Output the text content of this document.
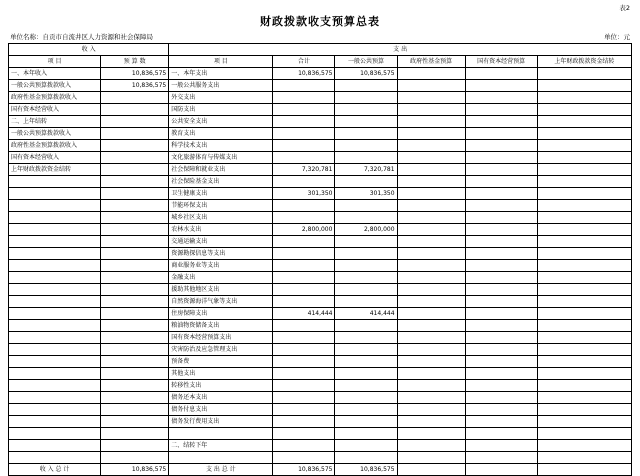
表2
财政拨款收支预算总表
单位名称：自贡市自流井区人力资源和社会保障局	单位：元
收 入		支 出					
项 目	预 算 数	项 目	合计	一般公共预算	政府性基金预算	国有资本经营预算	上年财政拨款资金结转
一、本年收入	10,836,575	一、本年支出	10,836,575	10,836,575			
一般公共预算拨款收入	10,836,575	一般公共服务支出					
政府性基金预算拨款收入		外交支出					
国有资本经营收入		国防支出					
二、上年结转		公共安全支出					
一般公共预算拨款收入		教育支出					
政府性基金预算拨款收入		科学技术支出					
国有资本经营收入		文化旅游体育与传媒支出					
上年财政拨款资金结转		社会保障和就业支出	7,320,781	7,320,781			
		社会保险基金支出					
		卫生健康支出	301,350	301,350			
		节能环保支出					
		城乡社区支出					
		农林水支出	2,800,000	2,800,000			
		交通运输支出					
		资源勘探信息等支出					
		商业服务业等支出					
		金融支出					
		援助其他地区支出					
		自然资源海洋气象等支出					
		住房保障支出	414,444	414,444			
		粮油物资储备支出					
		国有资本经营预算支出					
		灾害防治及应急管理支出					
		预备费					
		其他支出					
		转移性支出					
		债务还本支出					
		债务付息支出					
		债务发行费用支出					

		二、结转下年					

收 入 总 计	10,836,575	支 出 总 计	10,836,575	10,836,575			
